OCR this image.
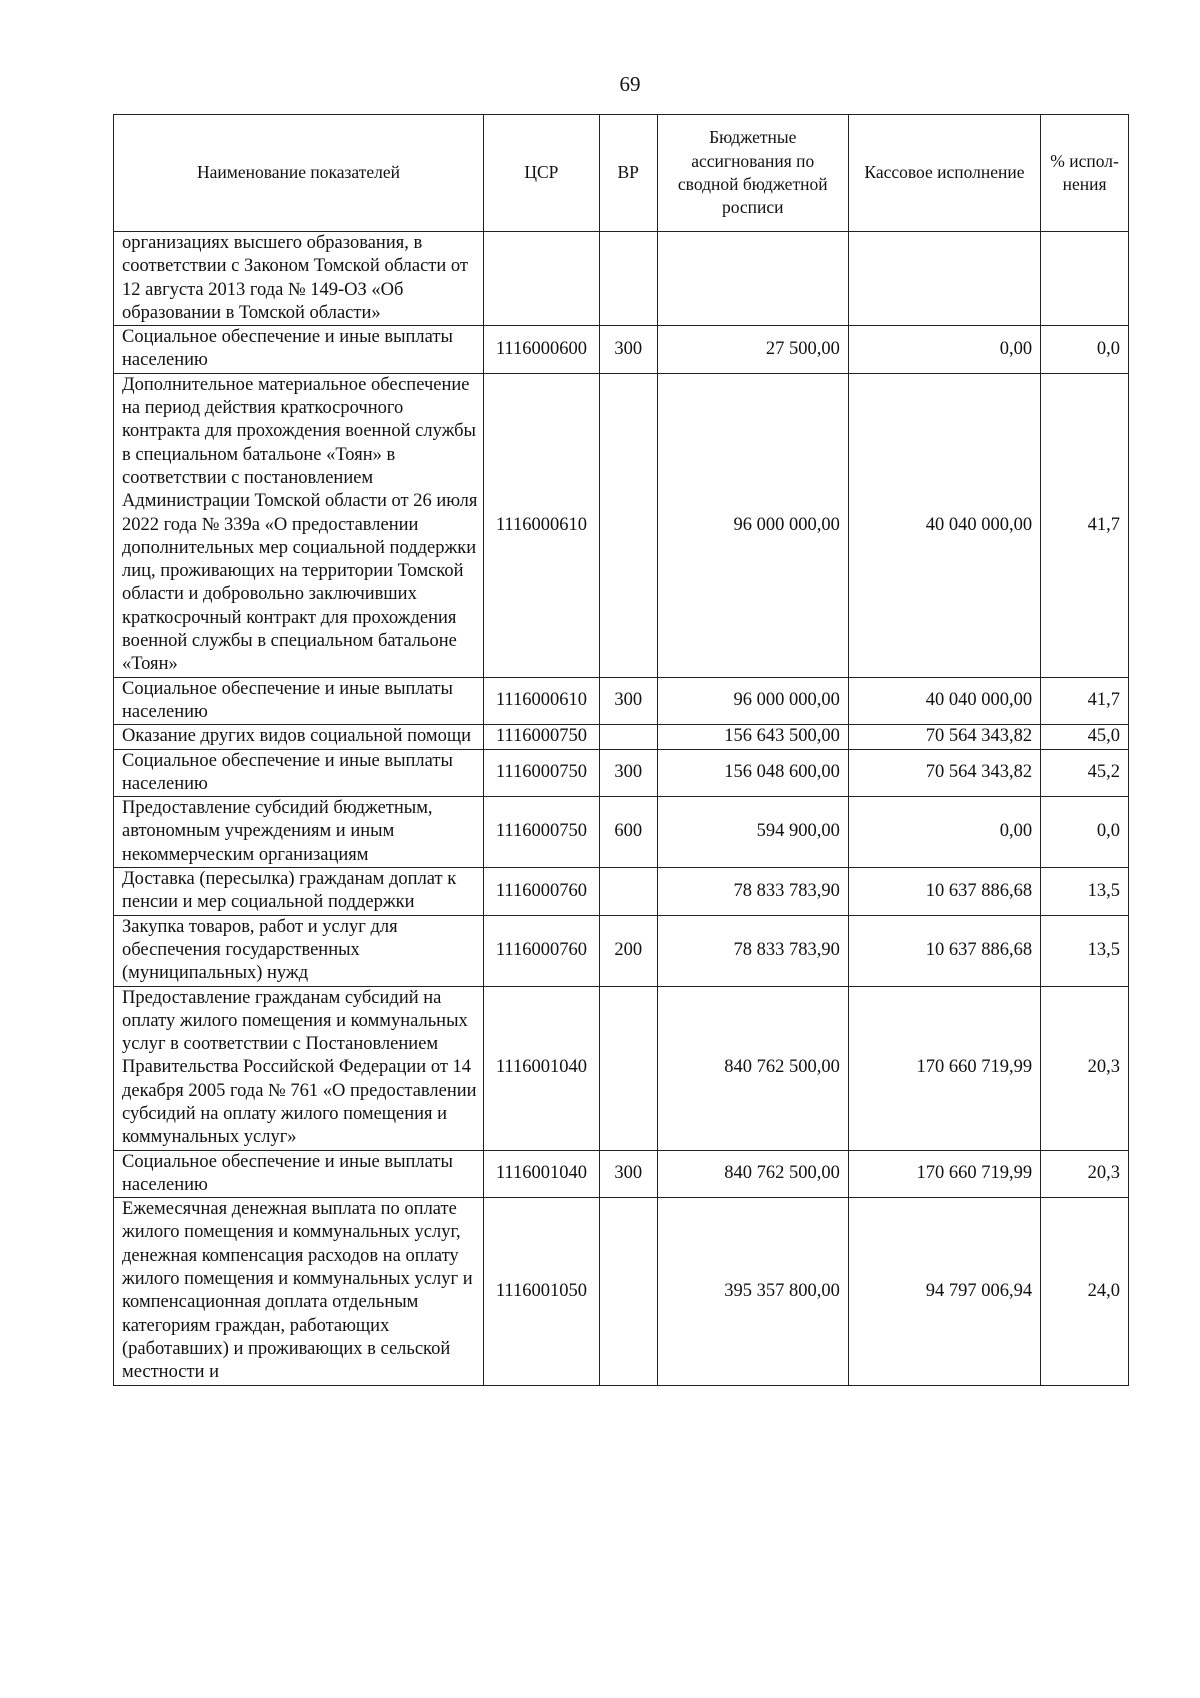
69
Наименование показателей	ЦСР	ВР	Бюджетные ассигнования по сводной бюджетной росписи	Кассовое исполнение	% испол-нения
организациях высшего образования, в соответствии с Законом Томской области от 12 августа 2013 года № 149-ОЗ «Об образовании в Томской области»					
Социальное обеспечение и иные выплаты населению	1116000600	300	27 500,00	0,00	0,0
Дополнительное материальное обеспечение на период действия краткосрочного контракта для прохождения военной службы в специальном батальоне «Тоян» в соответствии с постановлением Администрации Томской области от 26 июля 2022 года № 339а «О предоставлении дополнительных мер социальной поддержки лиц, проживающих на территории Томской области и добровольно заключивших краткосрочный контракт для прохождения военной службы в специальном батальоне «Тоян»	1116000610		96 000 000,00	40 040 000,00	41,7
Социальное обеспечение и иные выплаты населению	1116000610	300	96 000 000,00	40 040 000,00	41,7
Оказание других видов социальной помощи	1116000750		156 643 500,00	70 564 343,82	45,0
Социальное обеспечение и иные выплаты населению	1116000750	300	156 048 600,00	70 564 343,82	45,2
Предоставление субсидий бюджетным, автономным учреждениям и иным некоммерческим организациям	1116000750	600	594 900,00	0,00	0,0
Доставка (пересылка) гражданам доплат к пенсии и мер социальной поддержки	1116000760		78 833 783,90	10 637 886,68	13,5
Закупка товаров, работ и услуг для обеспечения государственных (муниципальных) нужд	1116000760	200	78 833 783,90	10 637 886,68	13,5
Предоставление гражданам субсидий на оплату жилого помещения и коммунальных услуг в соответствии с Постановлением Правительства Российской Федерации от 14 декабря 2005 года № 761 «О предоставлении субсидий на оплату жилого помещения и коммунальных услуг»	1116001040		840 762 500,00	170 660 719,99	20,3
Социальное обеспечение и иные выплаты населению	1116001040	300	840 762 500,00	170 660 719,99	20,3
Ежемесячная денежная выплата по оплате жилого помещения и коммунальных услуг, денежная компенсация расходов на оплату жилого помещения и коммунальных услуг и компенсационная доплата отдельным категориям граждан, работающих (работавших) и проживающих в сельской местности и	1116001050		395 357 800,00	94 797 006,94	24,0
